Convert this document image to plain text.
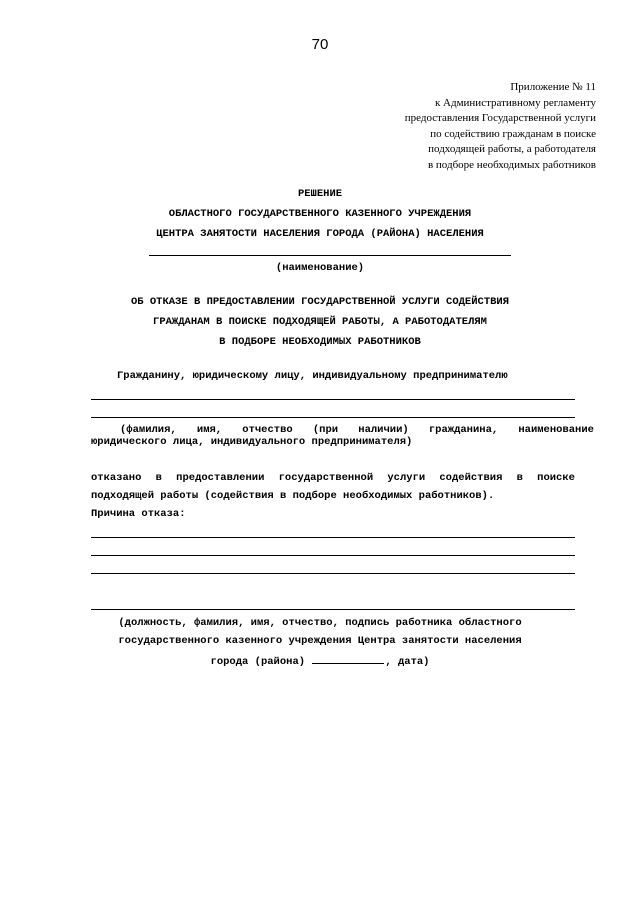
70
Приложение № 11
к Административному регламенту
предоставления Государственной услуги
по содействию гражданам в поиске
подходящей работы, а работодателя
в подборе необходимых работников
РЕШЕНИЕ
ОБЛАСТНОГО ГОСУДАРСТВЕННОГО КАЗЕННОГО УЧРЕЖДЕНИЯ
ЦЕНТРА ЗАНЯТОСТИ НАСЕЛЕНИЯ ГОРОДА (РАЙОНА) НАСЕЛЕНИЯ
(наименование)
ОБ ОТКАЗЕ В ПРЕДОСТАВЛЕНИИ ГОСУДАРСТВЕННОЙ УСЛУГИ СОДЕЙСТВИЯ
ГРАЖДАНАМ В ПОИСКЕ ПОДХОДЯЩЕЙ РАБОТЫ, А РАБОТОДАТЕЛЯМ
В ПОДБОРЕ НЕОБХОДИМЫХ РАБОТНИКОВ
Гражданину, юридическому лицу, индивидуальному предпринимателю
(фамилия, имя, отчество (при наличии) гражданина, наименование
юридического лица, индивидуального предпринимателя)
отказано в предоставлении государственной услуги содействия в поиске
подходящей работы (содействия в подборе необходимых работников).
Причина отказа:
(должность, фамилия, имя, отчество, подпись работника областного
государственного казенного учреждения Центра занятости населения
города (района)	, дата)
